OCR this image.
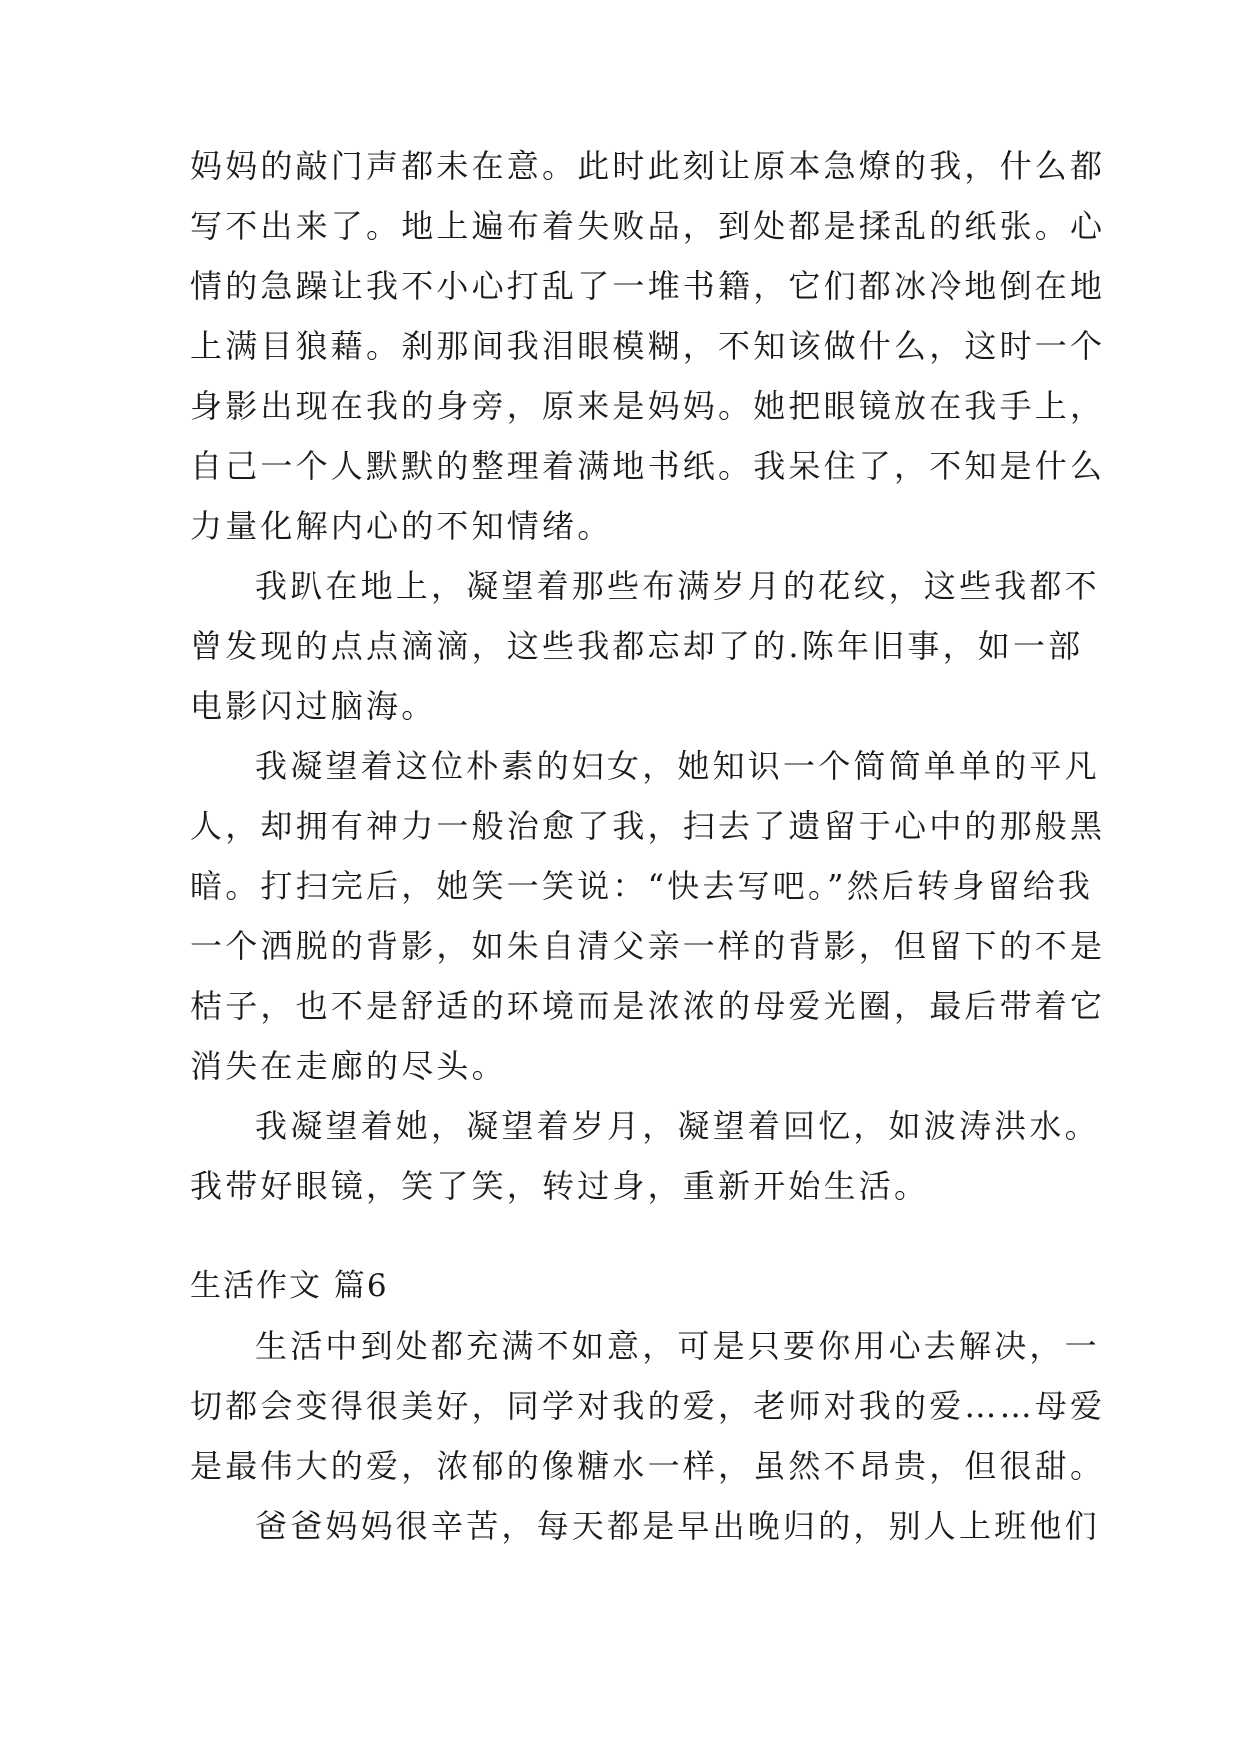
妈妈的敲门声都未在意。此时此刻让原本急燎的我，什么都
写不出来了。地上遍布着失败品，到处都是揉乱的纸张。心
情的急躁让我不小心打乱了一堆书籍，它们都冰冷地倒在地
上满目狼藉。刹那间我泪眼模糊，不知该做什么，这时一个
身影出现在我的身旁，原来是妈妈。她把眼镜放在我手上，
自己一个人默默的整理着满地书纸。我呆住了，不知是什么
力量化解内心的不知情绪。
我趴在地上，凝望着那些布满岁月的花纹，这些我都不
曾发现的点点滴滴，这些我都忘却了的.陈年旧事，如一部
电影闪过脑海。
我凝望着这位朴素的妇女，她知识一个简简单单的平凡
人，却拥有神力一般治愈了我，扫去了遗留于心中的那般黑
暗。打扫完后，她笑一笑说：“快去写吧。”然后转身留给我
一个洒脱的背影，如朱自清父亲一样的背影，但留下的不是
桔子，也不是舒适的环境而是浓浓的母爱光圈，最后带着它
消失在走廊的尽头。
我凝望着她，凝望着岁月，凝望着回忆，如波涛洪水。
我带好眼镜，笑了笑，转过身，重新开始生活。
生活作文 篇6
生活中到处都充满不如意，可是只要你用心去解决，一
切都会变得很美好，同学对我的爱，老师对我的爱……母爱
是最伟大的爱，浓郁的像糖水一样，虽然不昂贵，但很甜。
爸爸妈妈很辛苦，每天都是早出晚归的，别人上班他们
